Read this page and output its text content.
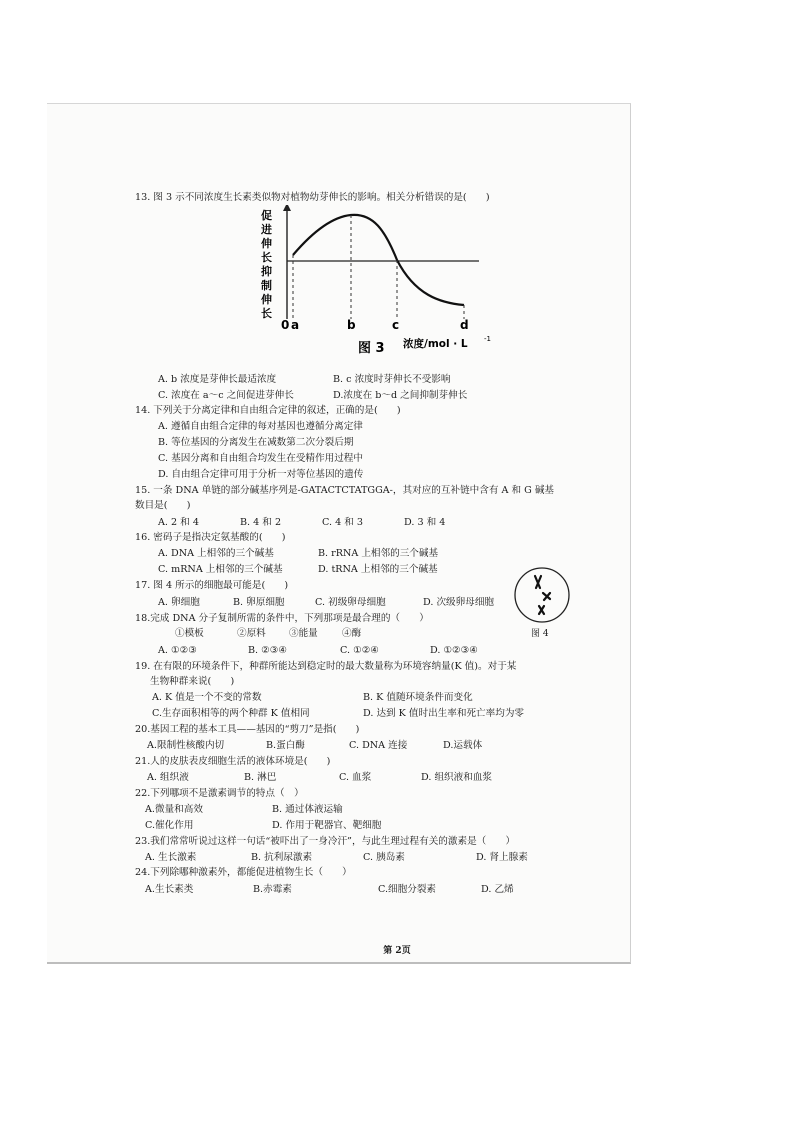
13. 图 3 示不同浓度生长素类似物对植物幼芽伸长的影响。相关分析错误的是(　　)
促
进
伸
长
抑
制
伸
长
0 a	b	c	d
图 3 浓度/mol · L -1
A. b 浓度是芽伸长最适浓度	B. c 浓度时芽伸长不受影响
C. 浓度在 a～c 之间促进芽伸长	D.浓度在 b～d 之间抑制芽伸长
14. 下列关于分离定律和自由组合定律的叙述，正确的是(　　)
A. 遵循自由组合定律的每对基因也遵循分离定律
B. 等位基因的分离发生在减数第二次分裂后期
C. 基因分离和自由组合均发生在受精作用过程中
D. 自由组合定律可用于分析一对等位基因的遗传
15. 一条 DNA 单链的部分碱基序列是-GATACTCTATGGA-，其对应的互补链中含有 A 和 G 碱基
数目是(　　)
A. 2 和 4	B. 4 和 2	C. 4 和 3	D. 3 和 4
16. 密码子是指决定氨基酸的(　　)
A. DNA 上相邻的三个碱基	B. rRNA 上相邻的三个碱基
C. mRNA 上相邻的三个碱基	D. tRNA 上相邻的三个碱基
17. 图 4 所示的细胞最可能是(　　)
A. 卵细胞	B. 卵原细胞	C. 初级卵母细胞	D. 次级卵母细胞
图 4
18.完成 DNA 分子复制所需的条件中，下列那项是最合理的（　　）
①模板	②原料 ③能量	④酶
A. ①②③	B. ②③④	C. ①②④	D. ①②③④
19. 在有限的环境条件下，种群所能达到稳定时的最大数量称为环境容纳量(K 值)。对于某
生物种群来说(　　)
A. K 值是一个不变的常数	B. K 值随环境条件而变化
C.生存面积相等的两个种群 K 值相同	D. 达到 K 值时出生率和死亡率均为零
20.基因工程的基本工具——基因的“剪刀”是指(　　)
A.限制性核酸内切	B.蛋白酶	C. DNA 连接	D.运载体
21.人的皮肤表皮细胞生活的液体环境是(　　)
A. 组织液	B. 淋巴	C. 血浆	D. 组织液和血浆
22.下列哪项不是激素调节的特点（　）
A.微量和高效	B. 通过体液运输
C.催化作用	D. 作用于靶器官、靶细胞
23.我们常常听说过这样一句话“被吓出了一身冷汗”，与此生理过程有关的激素是（　　）
A. 生长激素	B. 抗利尿激素	C. 胰岛素	D. 肾上腺素
24.下列除哪种激素外，都能促进植物生长（　　）
A.生长素类	B.赤霉素	C.细胞分裂素	D. 乙烯
第 2页
